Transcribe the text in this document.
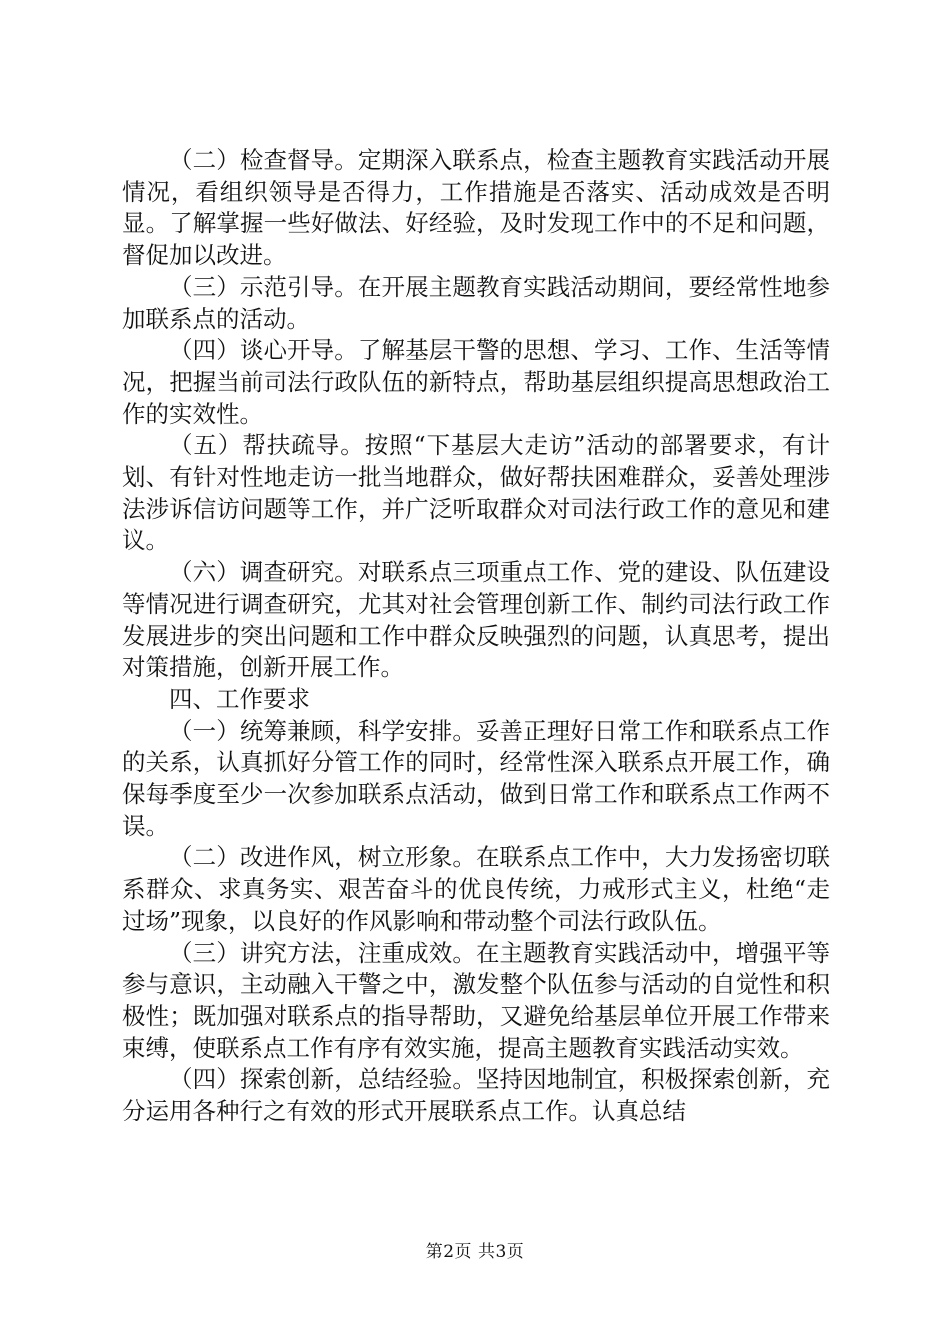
（二）检查督导。定期深入联系点，检查主题教育实践活动开展情况，看组织领导是否得力，工作措施是否落实、活动成效是否明显。了解掌握一些好做法、好经验，及时发现工作中的不足和问题，督促加以改进。

（三）示范引导。在开展主题教育实践活动期间，要经常性地参加联系点的活动。

（四）谈心开导。了解基层干警的思想、学习、工作、生活等情况，把握当前司法行政队伍的新特点，帮助基层组织提高思想政治工作的实效性。

（五）帮扶疏导。按照“下基层大走访”活动的部署要求，有计划、有针对性地走访一批当地群众，做好帮扶困难群众，妥善处理涉法涉诉信访问题等工作，并广泛听取群众对司法行政工作的意见和建议。

（六）调查研究。对联系点三项重点工作、党的建设、队伍建设等情况进行调查研究，尤其对社会管理创新工作、制约司法行政工作发展进步的突出问题和工作中群众反映强烈的问题，认真思考，提出对策措施，创新开展工作。

四、工作要求

（一）统筹兼顾，科学安排。妥善正理好日常工作和联系点工作的关系，认真抓好分管工作的同时，经常性深入联系点开展工作，确保每季度至少一次参加联系点活动，做到日常工作和联系点工作两不误。

（二）改进作风，树立形象。在联系点工作中，大力发扬密切联系群众、求真务实、艰苦奋斗的优良传统，力戒形式主义，杜绝“走过场”现象，以良好的作风影响和带动整个司法行政队伍。

（三）讲究方法，注重成效。在主题教育实践活动中，增强平等参与意识，主动融入干警之中，激发整个队伍参与活动的自觉性和积极性；既加强对联系点的指导帮助，又避免给基层单位开展工作带来束缚，使联系点工作有序有效实施，提高主题教育实践活动实效。

（四）探索创新，总结经验。坚持因地制宜，积极探索创新，充分运用各种行之有效的形式开展联系点工作。认真总结

第2页 共3页
